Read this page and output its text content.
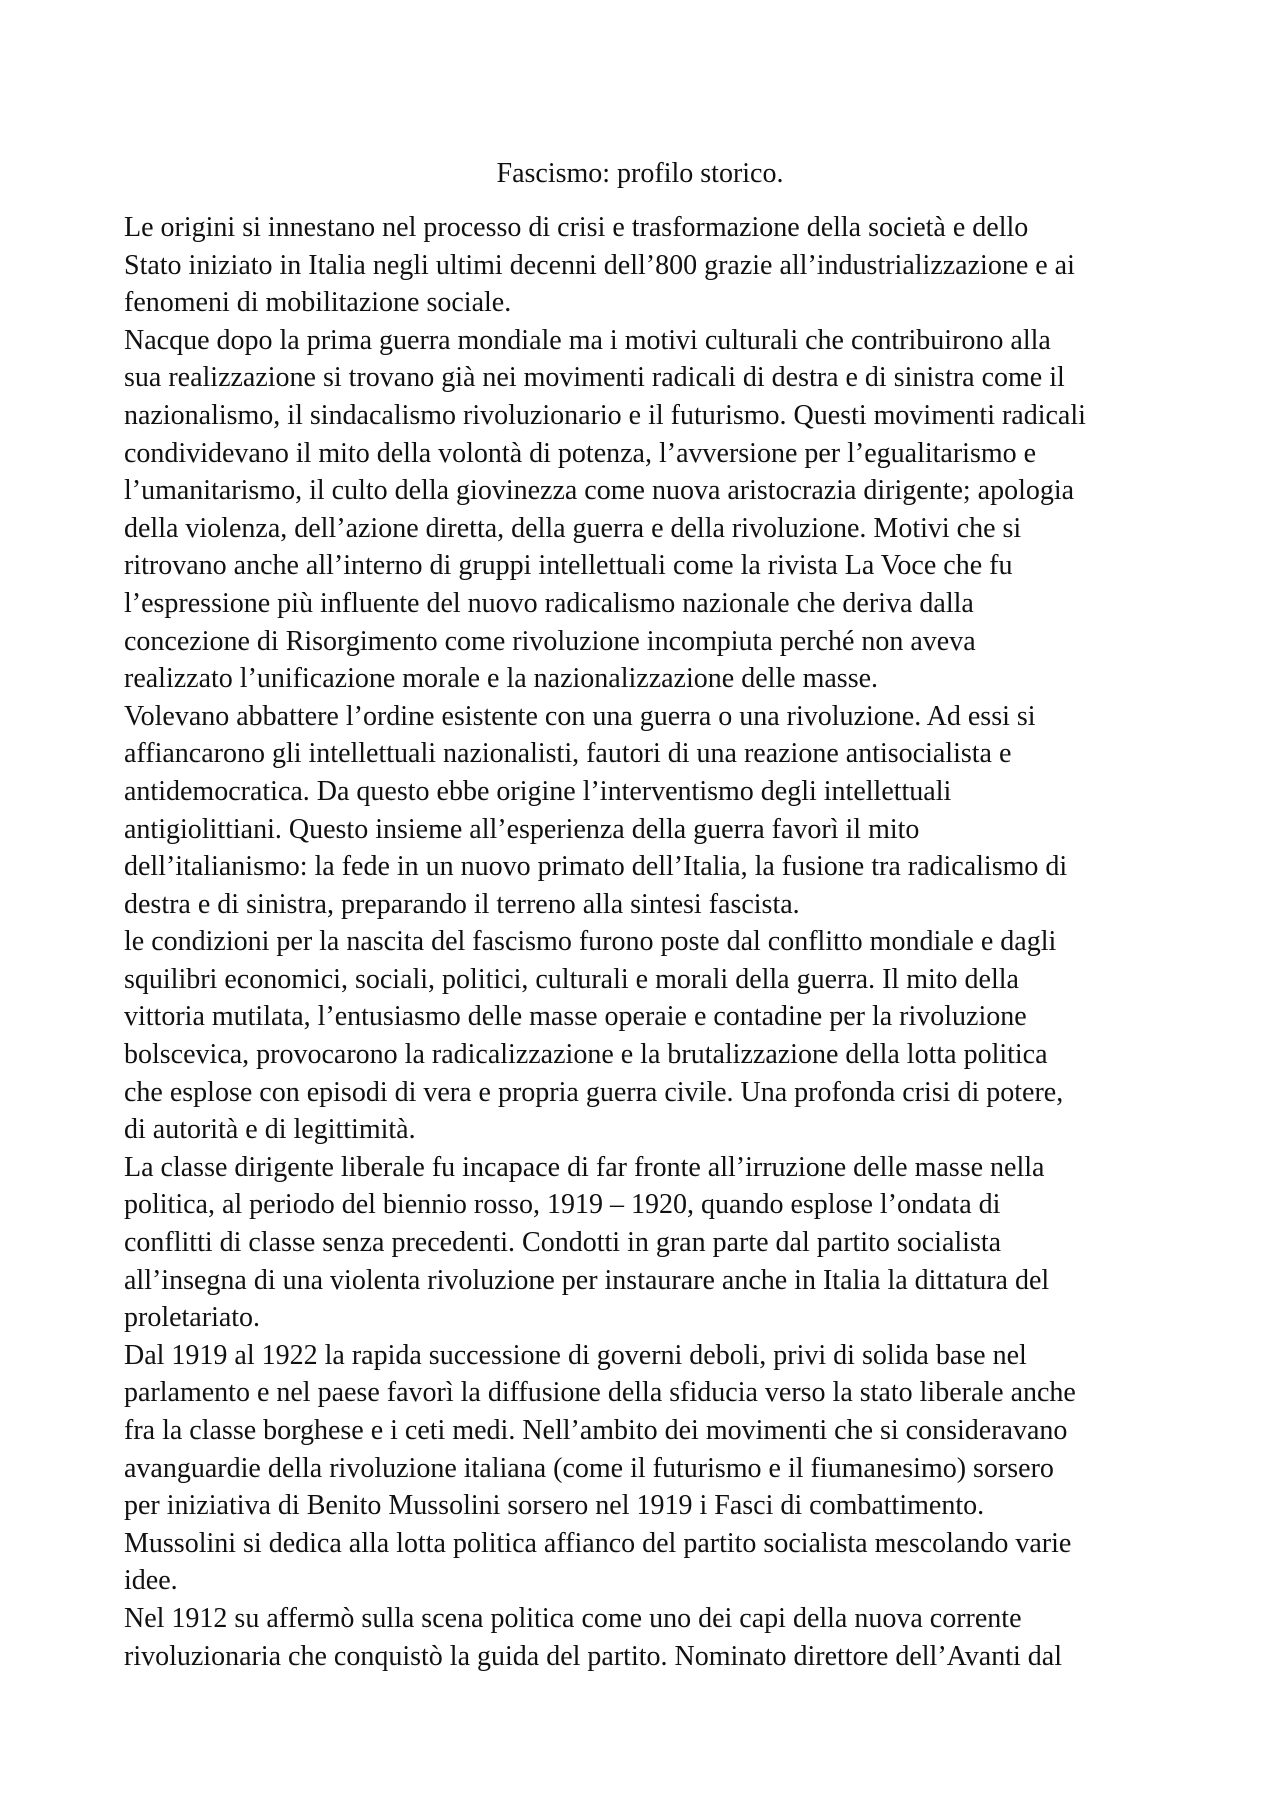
Fascismo: profilo storico.
Le origini si innestano nel processo di crisi e trasformazione della società e dello
Stato iniziato in Italia negli ultimi decenni dell’800 grazie all’industrializzazione e ai
fenomeni di mobilitazione sociale.
Nacque dopo la prima guerra mondiale ma i motivi culturali che contribuirono alla
sua realizzazione si trovano già nei movimenti radicali di destra e di sinistra come il
nazionalismo, il sindacalismo rivoluzionario e il futurismo. Questi movimenti radicali
condividevano il mito della volontà di potenza, l’avversione per l’egualitarismo e
l’umanitarismo, il culto della giovinezza come nuova aristocrazia dirigente; apologia
della violenza, dell’azione diretta, della guerra e della rivoluzione. Motivi che si
ritrovano anche all’interno di gruppi intellettuali come la rivista La Voce che fu
l’espressione più influente del nuovo radicalismo nazionale che deriva dalla
concezione di Risorgimento come rivoluzione incompiuta perché non aveva
realizzato l’unificazione morale e la nazionalizzazione delle masse.
Volevano abbattere l’ordine esistente con una guerra o una rivoluzione. Ad essi si
affiancarono gli intellettuali nazionalisti, fautori di una reazione antisocialista e
antidemocratica. Da questo ebbe origine l’interventismo degli intellettuali
antigiolittiani. Questo insieme all’esperienza della guerra favorì il mito
dell’italianismo: la fede in un nuovo primato dell’Italia, la fusione tra radicalismo di
destra e di sinistra, preparando il terreno alla sintesi fascista.
le condizioni per la nascita del fascismo furono poste dal conflitto mondiale e dagli
squilibri economici, sociali, politici, culturali e morali della guerra. Il mito della
vittoria mutilata, l’entusiasmo delle masse operaie e contadine per la rivoluzione
bolscevica, provocarono la radicalizzazione e la brutalizzazione della lotta politica
che esplose con episodi di vera e propria guerra civile. Una profonda crisi di potere,
di autorità e di legittimità.
La classe dirigente liberale fu incapace di far fronte all’irruzione delle masse nella
politica, al periodo del biennio rosso, 1919 – 1920, quando esplose l’ondata di
conflitti di classe senza precedenti. Condotti in gran parte dal partito socialista
all’insegna di una violenta rivoluzione per instaurare anche in Italia la dittatura del
proletariato.
Dal 1919 al 1922 la rapida successione di governi deboli, privi di solida base nel
parlamento e nel paese favorì la diffusione della sfiducia verso la stato liberale anche
fra la classe borghese e i ceti medi. Nell’ambito dei movimenti che si consideravano
avanguardie della rivoluzione italiana (come il futurismo e il fiumanesimo) sorsero
per iniziativa di Benito Mussolini sorsero nel 1919 i Fasci di combattimento.
Mussolini si dedica alla lotta politica affianco del partito socialista mescolando varie
idee.
Nel 1912 su affermò sulla scena politica come uno dei capi della nuova corrente
rivoluzionaria che conquistò la guida del partito. Nominato direttore dell’Avanti dal
